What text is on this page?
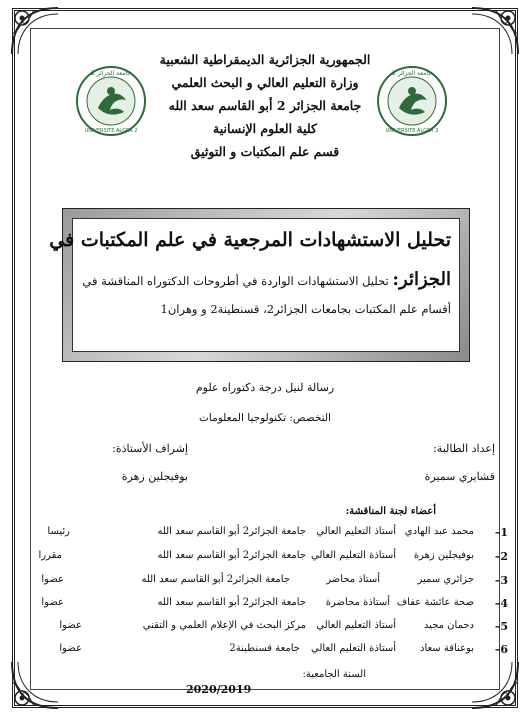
الجمهورية الجزائرية الديمقراطية الشعبية
وزارة التعليم العالي و البحث العلمي
جامعة الجزائر 2 أبو القاسم سعد الله
كلية العلوم الإنسانية
قسم علم المكتبات و التوثيق
جامعة الجزائر 2
UNIVERSITE ALGER 2
جامعة الجزائر 2
UNIVERSITE ALGER 2
تحليل الاستشهادات المرجعية في علم المكتبات في
الجزائر: تحليل الاستشهادات الواردة في أطروحات الدكتوراه المناقشة في
أقسام علم المكتبات بجامعات الجزائر2، قسنطينة2 و وهران1
رسالة لنيل درجة دكتوراه علوم
التخصص: تكنولوجيا المعلومات
إعداد الطالبة:
قشايري سميرة
إشراف الأستاذة:
بوفيجلين زهرة
أعضاء لجنة المناقشة:
1–
محمد عبد الهادي
أستاذ التعليم العالي
جامعة الجزائر2 أبو القاسم سعد الله
رئيسا
2–
بوفيجلين زهرة
أستاذة التعليم العالي
جامعة الجزائر2 أبو القاسم سعد الله
مقررا
3–
جزائري سمير
أستاذ محاضر
جامعة الجزائر2 أبو القاسم سعد الله
عضوا
4–
صحة عائشة عفاف
أستاذة محاضرة
جامعة الجزائر2 أبو القاسم سعد الله
عضوا
5–
دحمان مجيد
أستاذ التعليم العالي
مركز البحث في الإعلام العلمي و التقني
عضوا
6–
بوعناقة سعاد
أستاذة التعليم العالي
جامعة قسنطينة2
عضوا
السنة الجامعية:
2020/2019
